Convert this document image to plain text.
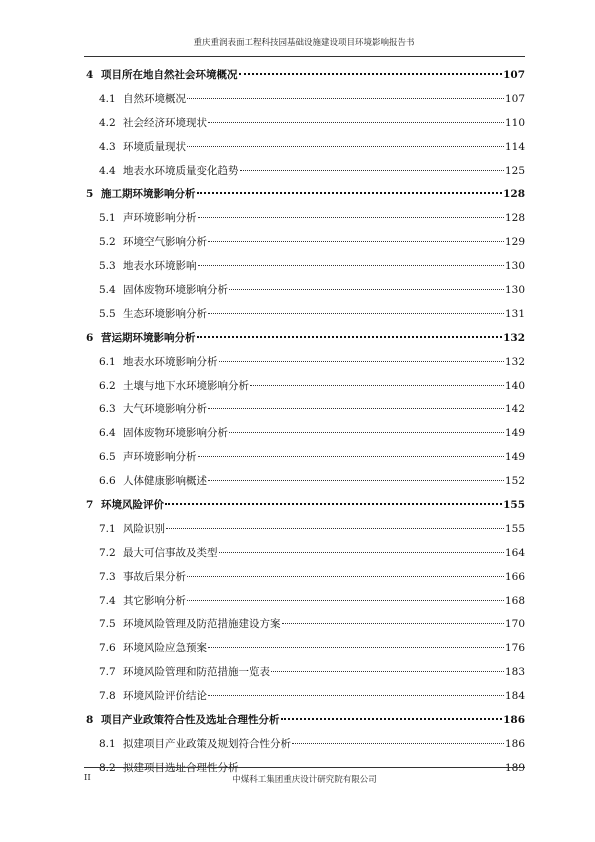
重庆重润表面工程科技园基础设施建设项目环境影响报告书
4 项目所在地自然社会环境概况	107
4.1 自然环境概况	107
4.2 社会经济环境现状	110
4.3 环境质量现状	114
4.4 地表水环境质量变化趋势	125
5 施工期环境影响分析	128
5.1 声环境影响分析	128
5.2 环境空气影响分析	129
5.3 地表水环境影响	130
5.4 固体废物环境影响分析	130
5.5 生态环境影响分析	131
6 营运期环境影响分析	132
6.1 地表水环境影响分析	132
6.2 土壤与地下水环境影响分析	140
6.3 大气环境影响分析	142
6.4 固体废物环境影响分析	149
6.5 声环境影响分析	149
6.6 人体健康影响概述	152
7 环境风险评价	155
7.1 风险识别	155
7.2 最大可信事故及类型	164
7.3 事故后果分析	166
7.4 其它影响分析	168
7.5 环境风险管理及防范措施建设方案	170
7.6 环境风险应急预案	176
7.7 环境风险管理和防范措施一览表	183
7.8 环境风险评价结论	184
8 项目产业政策符合性及选址合理性分析	186
8.1 拟建项目产业政策及规划符合性分析	186
8.2 拟建项目选址合理性分析	189
II	中煤科工集团重庆设计研究院有限公司
